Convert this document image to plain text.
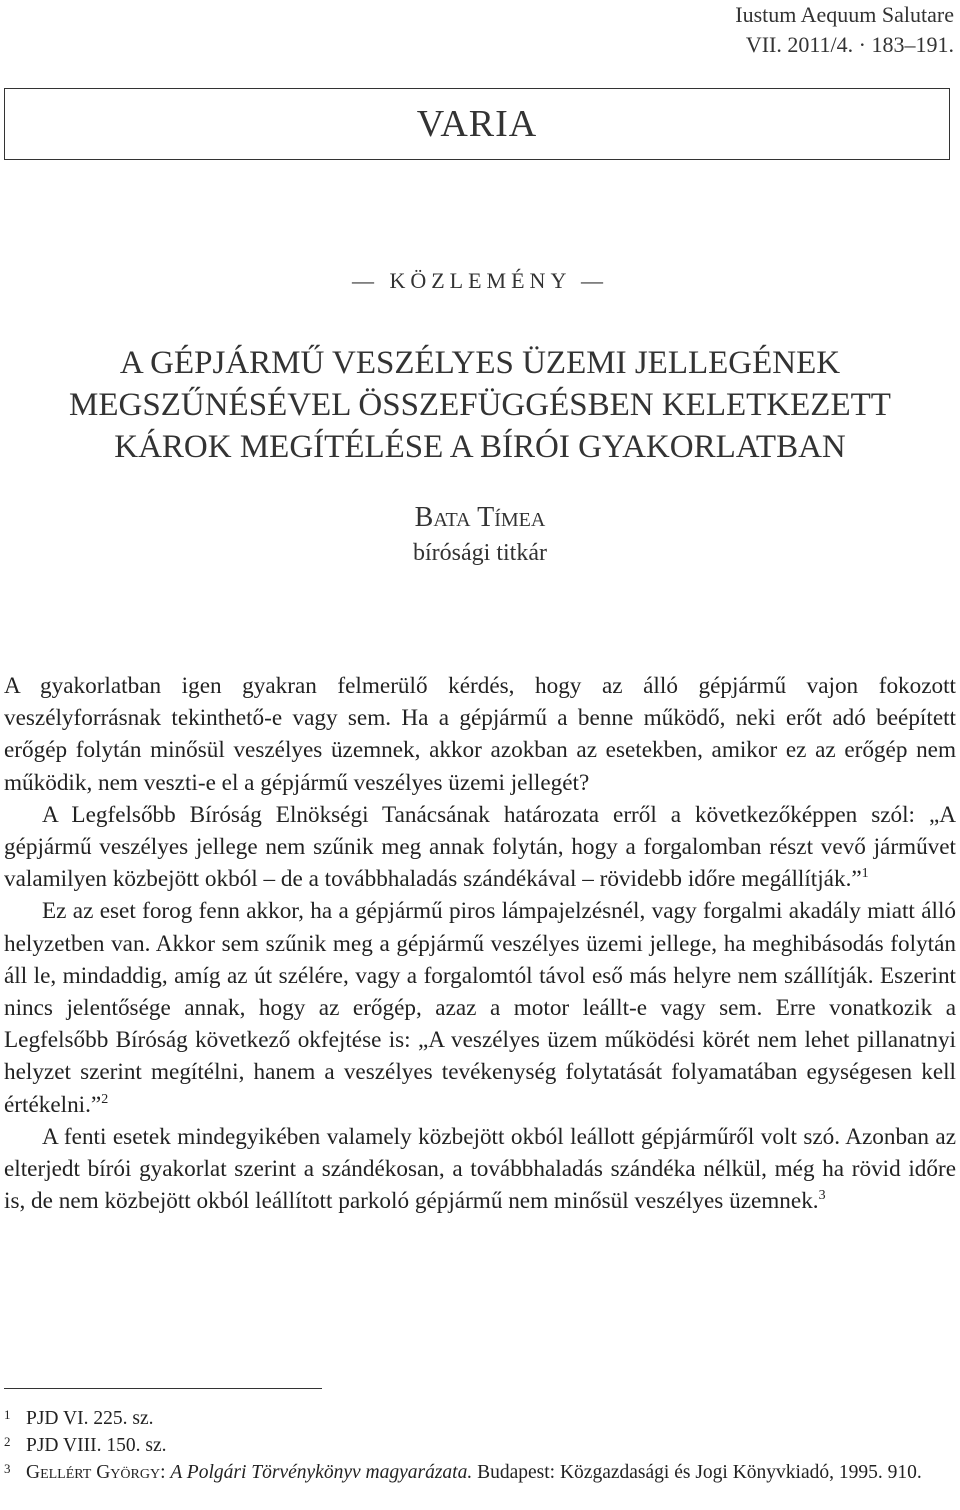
Iustum Aequum Salutare
VII. 2011/4. · 183–191.
VARIA
— KÖZLEMÉNY —
A GÉPJÁRMŰ VESZÉLYES ÜZEMI JELLEGÉNEK
MEGSZŰNÉSÉVEL ÖSSZEFÜGGÉSBEN KELETKEZETT
KÁROK MEGÍTÉLÉSE A BÍRÓI GYAKORLATBAN
Bata Tímea
bírósági titkár

A gyakorlatban igen gyakran felmerülő kérdés, hogy az álló gépjármű vajon fokozott veszélyforrásnak tekinthető-e vagy sem. Ha a gépjármű a benne működő, neki erőt adó beépített erőgép folytán minősül veszélyes üzemnek, akkor azokban az esetekben, amikor ez az erőgép nem működik, nem veszti-e el a gépjármű veszélyes üzemi jellegét?

A Legfelsőbb Bíróság Elnökségi Tanácsának határozata erről a következőképpen szól: „A gépjármű veszélyes jellege nem szűnik meg annak folytán, hogy a forgalomban részt vevő járművet valamilyen közbejött okból – de a továbbhaladás szándékával – rövidebb időre megállítják.”$^1$

Ez az eset forog fenn akkor, ha a gépjármű piros lámpajelzésnél, vagy forgalmi akadály miatt álló helyzetben van. Akkor sem szűnik meg a gépjármű veszélyes üzemi jellege, ha meghibásodás folytán áll le, mindaddig, amíg az út szélére, vagy a forgalomtól távol eső más helyre nem szállítják. Eszerint nincs jelentősége annak, hogy az erőgép, azaz a motor leállt-e vagy sem. Erre vonatkozik a Legfelsőbb Bíróság következő okfejtése is: „A veszélyes üzem működési körét nem lehet pillanatnyi helyzet szerint megítélni, hanem a veszélyes tevékenység folytatását folyamatában egységesen kell értékelni.”$^2$

A fenti esetek mindegyikében valamely közbejött okból leállott gépjárműről volt szó. Azonban az elterjedt bírói gyakorlat szerint a szándékosan, a továbbhaladás szándéka nélkül, még ha rövid időre is, de nem közbejött okból leállított parkoló gépjármű nem minősül veszélyes üzemnek.$^3$

1 PJD VI. 225. sz.
2 PJD VIII. 150. sz.
3 Gellért György: A Polgári Törvénykönyv magyarázata. Budapest: Közgazdasági és Jogi Könyvkiadó, 1995. 910.
